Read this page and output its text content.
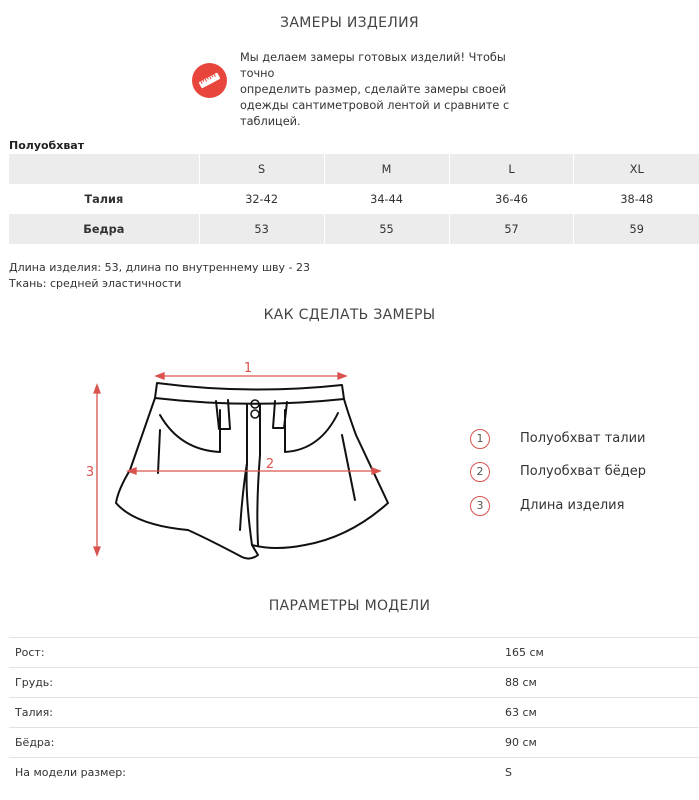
ЗАМЕРЫ ИЗДЕЛИЯ
Мы делаем замеры готовых изделий! Чтобы точно
определить размер, сделайте замеры своей
одежды сантиметровой лентой и сравните с
таблицей.
Полуобхват
	S	M	L	XL
Талия	32-42	34-44	36-46	38-48
Бедра	53	55	57	59
Длина изделия: 53, длина по внутреннему шву - 23
Ткань: средней эластичности
КАК СДЕЛАТЬ ЗАМЕРЫ
1
2
3
1	Полуобхват талии
2	Полуобхват бёдер
3	Длина изделия
ПАРАМЕТРЫ МОДЕЛИ
Рост:	165 см
Грудь:	88 см
Талия:	63 см
Бёдра:	90 см
На модели размер:	S
